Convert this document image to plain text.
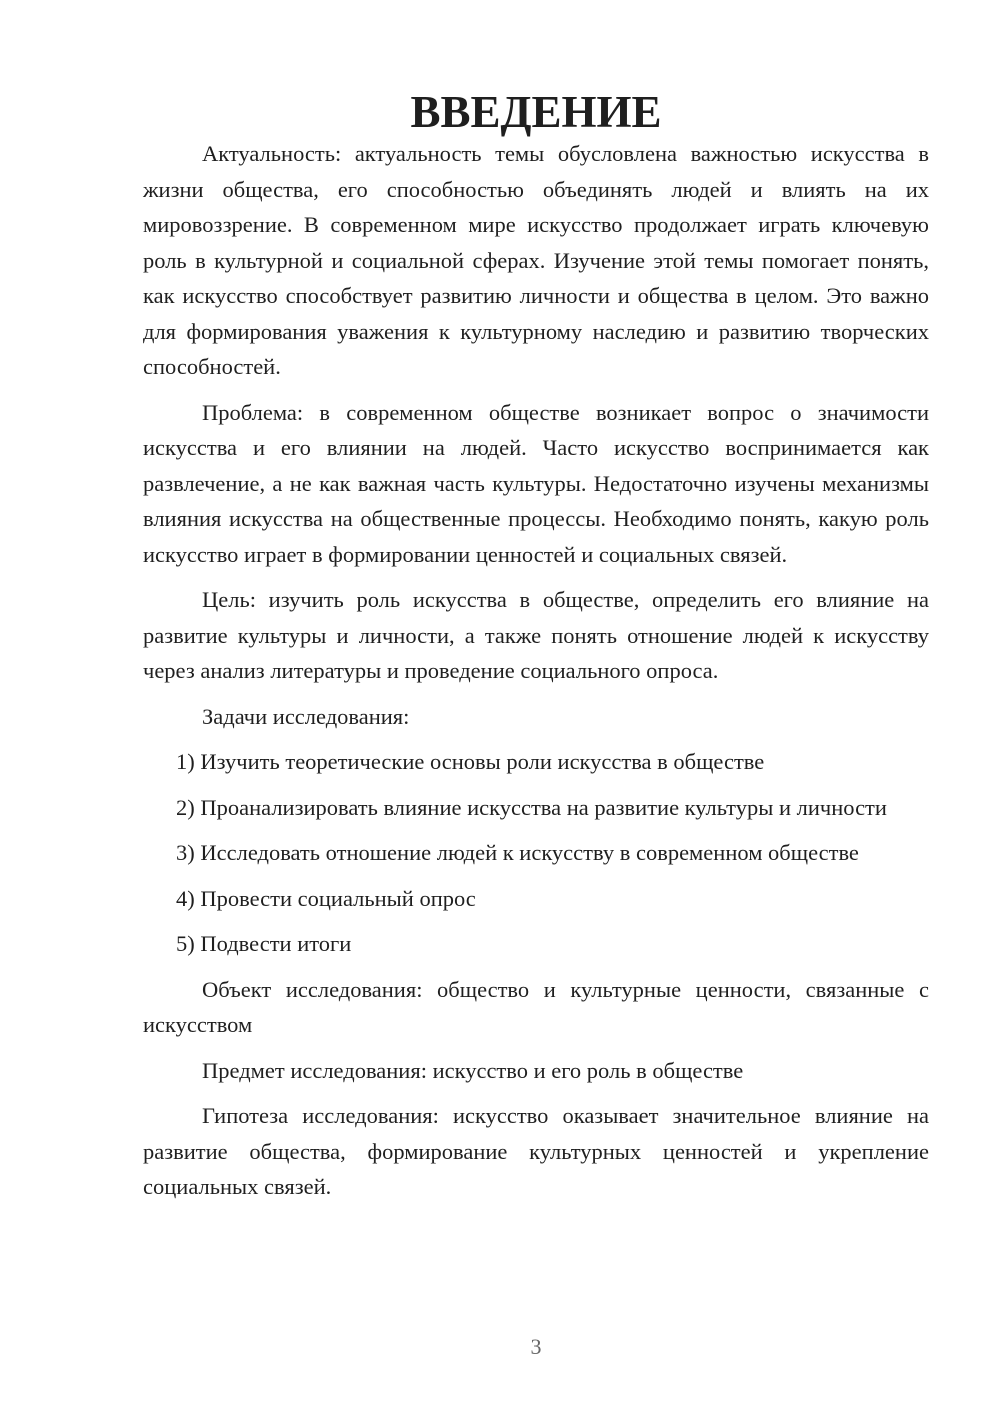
ВВЕДЕНИЕ

Актуальность: актуальность темы обусловлена важностью искусства в жизни общества, его способностью объединять людей и влиять на их мировоззрение. В современном мире искусство продолжает играть ключевую роль в культурной и социальной сферах. Изучение этой темы помогает понять, как искусство способствует развитию личности и общества в целом. Это важно для формирования уважения к культурному наследию и развитию творческих способностей.

Проблема: в современном обществе возникает вопрос о значимости искусства и его влиянии на людей. Часто искусство воспринимается как развлечение, а не как важная часть культуры. Недостаточно изучены механизмы влияния искусства на общественные процессы. Необходимо понять, какую роль искусство играет в формировании ценностей и социальных связей.

Цель: изучить роль искусства в обществе, определить его влияние на развитие культуры и личности, а также понять отношение людей к искусству через анализ литературы и проведение социального опроса.

Задачи исследования:

1) Изучить теоретические основы роли искусства в обществе

2) Проанализировать влияние искусства на развитие культуры и личности

3) Исследовать отношение людей к искусству в современном обществе

4) Провести социальный опрос

5) Подвести итоги

Объект исследования: общество и культурные ценности, связанные с искусством

Предмет исследования: искусство и его роль в обществе

Гипотеза исследования: искусство оказывает значительное влияние на развитие общества, формирование культурных ценностей и укрепление социальных связей.

3
